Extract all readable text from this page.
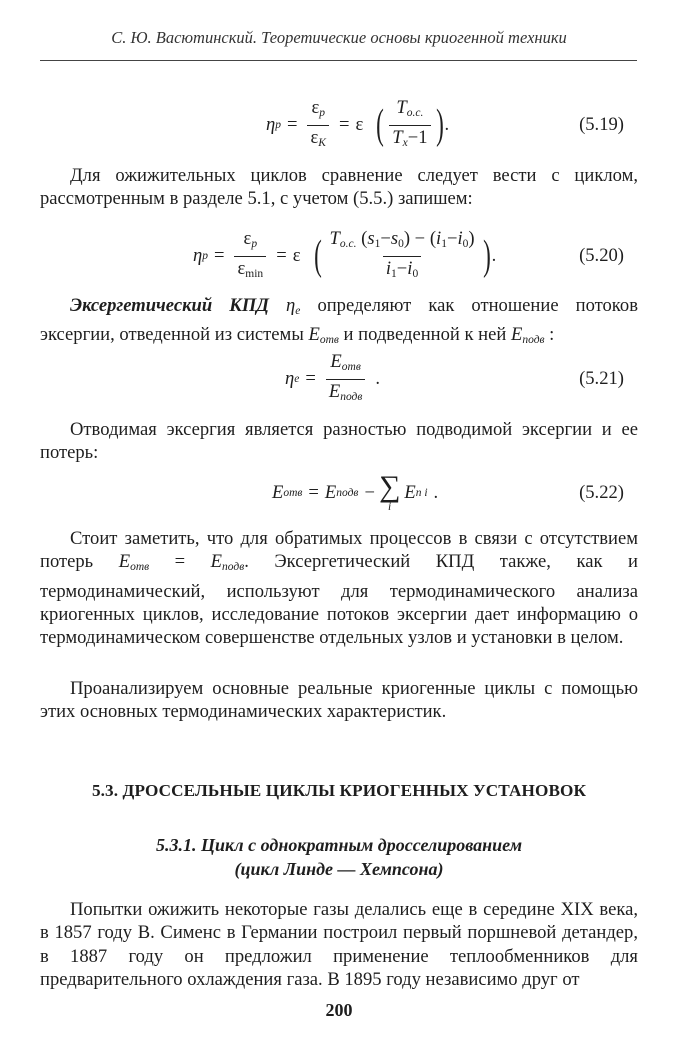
С. Ю. Васютинский. Теоретические основы криогенной техники
η $p = \frac{\varepsilon_p}{\varepsilon_K} = \varepsilon$ ( $\frac{T_{o.c.}}{T_x-1}$ ) .	(5.19)
Для ожижительных циклов сравнение следует вести с циклом, рассмотренным в разделе 5.1, с учетом (5.5.) запишем:
η $p = \frac{\varepsilon_p}{\varepsilon_{min}} = \varepsilon$ ( $\frac{T_{o.c.} (s_1-s_0) - (i_1-i_0)}{i_1-i_0}$ ) .	(5.20)
Эксергетический КПД $\eta_e$ определяют как отношение потоков эксергии, отведенной из системы $E_{отв}$ и подведенной к ней $E_{подв}$ :
η $e = \frac{E_{отв}}{E_{подв}}$ .	(5.21)
Отводимая эксергия является разностью подводимой эксергии и ее потерь:
E отв = E подв − ∑
i
E п i .	(5.22)
Стоит заметить, что для обратимых процессов в связи с отсутствием потерь $E_{отв} = E_{подв}$. Эксергетический КПД также, как и термодинамический, используют для термодинамического анализа криогенных циклов, исследование потоков эксергии дает информацию о термодинамическом совершенстве отдельных узлов и установки в целом.
Проанализируем основные реальные криогенные циклы с помощью этих основных термодинамических характеристик.
5.3. ДРОССЕЛЬНЫЕ ЦИКЛЫ КРИОГЕННЫХ УСТАНОВОК
5.3.1. Цикл с однократным дросселированием
(цикл Линде — Хемпсона)
Попытки ожижить некоторые газы делались еще в середине XIX века, в 1857 году В. Сименс в Германии построил первый поршневой детандер, в 1887 году он предложил применение теплообменников для предварительного охлаждения газа. В 1895 году независимо друг от
200
